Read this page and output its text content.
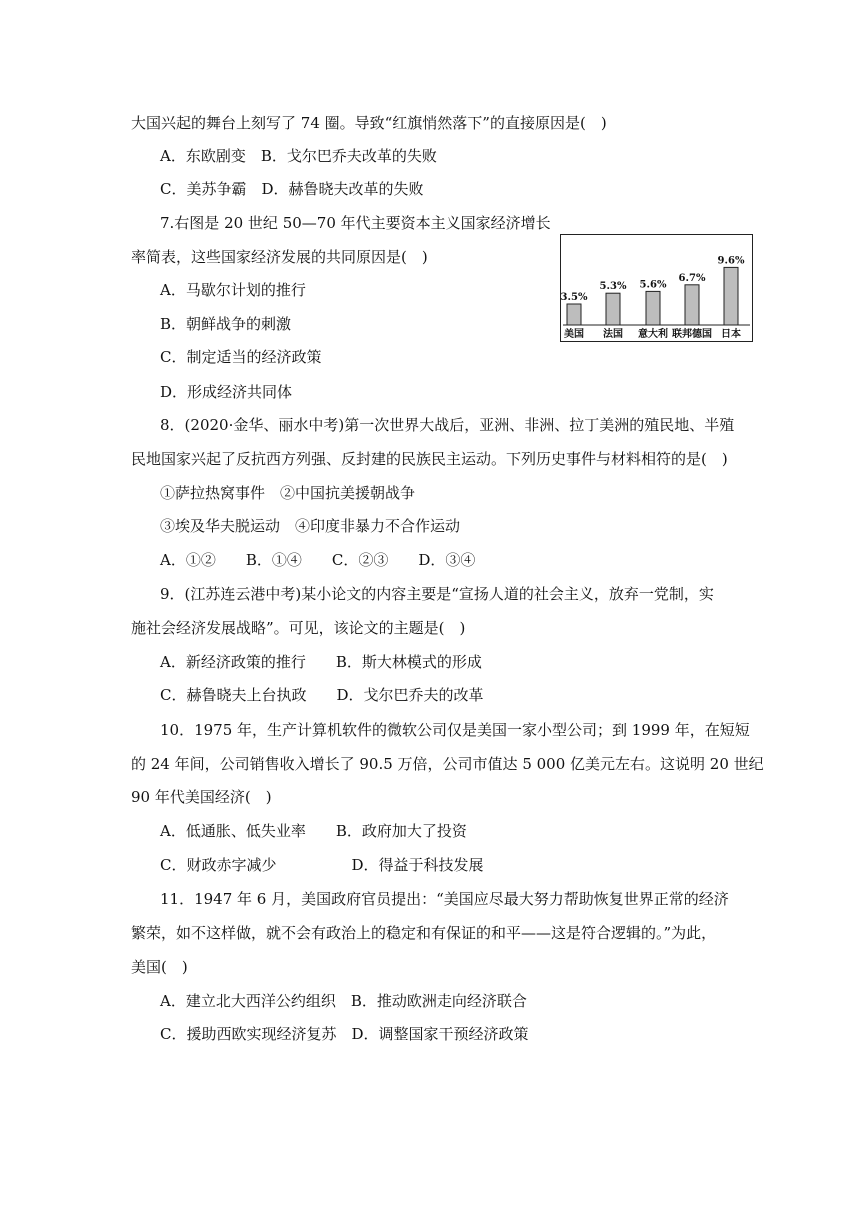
大国兴起的舞台上刻写了 74 圈。导致“红旗悄然落下”的直接原因是(　)
A．东欧剧变　B．戈尔巴乔夫改革的失败
C．美苏争霸　D．赫鲁晓夫改革的失败
7.右图是 20 世纪 50—70 年代主要资本主义国家经济增长
率简表，这些国家经济发展的共同原因是(　)
A．马歇尔计划的推行
B．朝鲜战争的刺激
C．制定适当的经济政策
D．形成经济共同体
8．(2020·金华、丽水中考)第一次世界大战后，亚洲、非洲、拉丁美洲的殖民地、半殖
民地国家兴起了反抗西方列强、反封建的民族民主运动。下列历史事件与材料相符的是(　)
①萨拉热窝事件　②中国抗美援朝战争
③埃及华夫脱运动　④印度非暴力不合作运动
A．①②　　B．①④　　C．②③　　D．③④
9．(江苏连云港中考)某小论文的内容主要是“宣扬人道的社会主义，放弃一党制，实
施社会经济发展战略”。可见，该论文的主题是(　)
A．新经济政策的推行　　B．斯大林模式的形成
C．赫鲁晓夫上台执政　　D．戈尔巴乔夫的改革
10．1975 年，生产计算机软件的微软公司仅是美国一家小型公司；到 1999 年，在短短
的 24 年间，公司销售收入增长了 90.5 万倍，公司市值达 5 000 亿美元左右。这说明 20 世纪
90 年代美国经济(　)
A．低通胀、低失业率　　B．政府加大了投资
C．财政赤字减少　　　　　D．得益于科技发展
11．1947 年 6 月，美国政府官员提出：“美国应尽最大努力帮助恢复世界正常的经济
繁荣，如不这样做，就不会有政治上的稳定和有保证的和平——这是符合逻辑的。”为此，
美国(　)
A．建立北大西洋公约组织　B．推动欧洲走向经济联合
C．援助西欧实现经济复苏　D．调整国家干预经济政策
3.5%
美国
5.3%
法国
5.6%
意大利
6.7%
联邦德国
9.6%
日本
